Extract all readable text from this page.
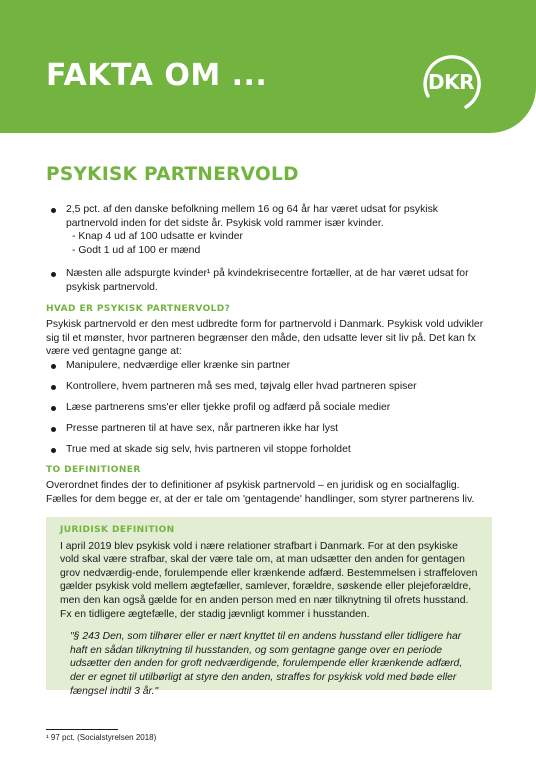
FAKTA OM ...	DKR
PSYKISK PARTNERVOLD
2,5 pct. af den danske befolkning mellem 16 og 64 år har været udsat for psykisk partnervold inden for det sidste år. Psykisk vold rammer især kvinder.
- Knap 4 ud af 100 udsatte er kvinder
- Godt 1 ud af 100 er mænd
Næsten alle adspurgte kvinder¹ på kvindekrisecentre fortæller, at de har været udsat for psykisk partnervold.
HVAD ER PSYKISK PARTNERVOLD?

Psykisk partnervold er den mest udbredte form for partnervold i Danmark. Psykisk vold udvikler sig til et mønster, hvor partneren begrænser den måde, den udsatte lever sit liv på. Det kan fx være ved gentagne gange at:

Manipulere, nedværdige eller krænke sin partner
Kontrollere, hvem partneren må ses med, tøjvalg eller hvad partneren spiser
Læse partnerens sms'er eller tjekke profil og adfærd på sociale medier
Presse partneren til at have sex, når partneren ikke har lyst
True med at skade sig selv, hvis partneren vil stoppe forholdet
TO DEFINITIONER

Overordnet findes der to definitioner af psykisk partnervold – en juridisk og en socialfaglig. Fælles for dem begge er, at der er tale om 'gentagende' handlinger, som styrer partnerens liv.

JURIDISK DEFINITION

I april 2019 blev psykisk vold i nære relationer strafbart i Danmark. For at den psykiske vold skal være strafbar, skal der være tale om, at man udsætter den anden for gentagen grov nedværdig-ende, forulempende eller krænkende adfærd. Bestemmelsen i straffeloven gælder psykisk vold mellem ægtefæller, samlever, forældre, søskende eller plejeforældre, men den kan også gælde for en anden person med en nær tilknytning til ofrets husstand. Fx en tidligere ægtefælle, der stadig jævnligt kommer i husstanden.

"§ 243 Den, som tilhører eller er nært knyttet til en andens husstand eller tidligere har haft en sådan tilknytning til husstanden, og som gentagne gange over en periode udsætter den anden for groft nedværdigende, forulempende eller krænkende adfærd, der er egnet til utilbørligt at styre den anden, straffes for psykisk vold med bøde eller fængsel indtil 3 år."

¹ 97 pct. (Socialstyrelsen 2018)
